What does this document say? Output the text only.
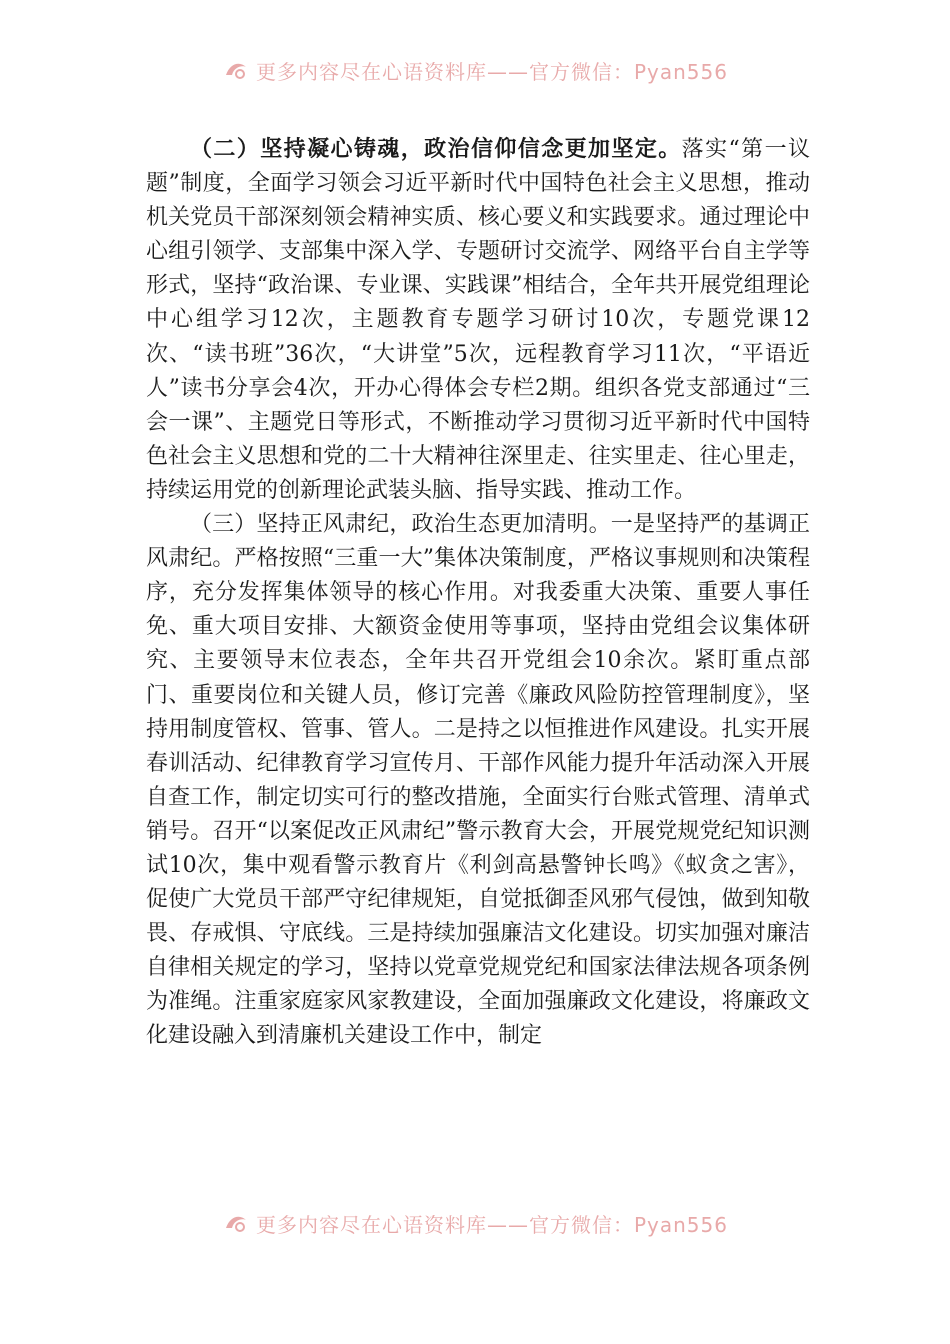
更多内容尽在心语资料库——官方微信：Pyan556

（二）坚持凝心铸魂，政治信仰信念更加坚定。落实“第一议题”制度，全面学习领会习近平新时代中国特色社会主义思想，推动机关党员干部深刻领会精神实质、核心要义和实践要求。通过理论中心组引领学、支部集中深入学、专题研讨交流学、网络平台自主学等形式，坚持“政治课、专业课、实践课”相结合，全年共开展党组理论中心组学习12次，主题教育专题学习研讨10次，专题党课12次、“读书班”36次，“大讲堂”5次，远程教育学习11次，“平语近人”读书分享会4次，开办心得体会专栏2期。组织各党支部通过“三会一课”、主题党日等形式，不断推动学习贯彻习近平新时代中国特色社会主义思想和党的二十大精神往深里走、往实里走、往心里走，持续运用党的创新理论武装头脑、指导实践、推动工作。

（三）坚持正风肃纪，政治生态更加清明。一是坚持严的基调正风肃纪。严格按照“三重一大”集体决策制度，严格议事规则和决策程序，充分发挥集体领导的核心作用。对我委重大决策、重要人事任免、重大项目安排、大额资金使用等事项，坚持由党组会议集体研究、主要领导末位表态，全年共召开党组会10余次。紧盯重点部门、重要岗位和关键人员，修订完善《廉政风险防控管理制度》，坚持用制度管权、管事、管人。二是持之以恒推进作风建设。扎实开展春训活动、纪律教育学习宣传月、干部作风能力提升年活动深入开展自查工作，制定切实可行的整改措施，全面实行台账式管理、清单式销号。召开“以案促改正风肃纪”警示教育大会，开展党规党纪知识测试10次，集中观看警示教育片《利剑高悬警钟长鸣》《蚁贪之害》，促使广大党员干部严守纪律规矩，自觉抵御歪风邪气侵蚀，做到知敬畏、存戒惧、守底线。三是持续加强廉洁文化建设。切实加强对廉洁自律相关规定的学习，坚持以党章党规党纪和国家法律法规各项条例为准绳。注重家庭家风家教建设，全面加强廉政文化建设，将廉政文化建设融入到清廉机关建设工作中，制定

更多内容尽在心语资料库——官方微信：Pyan556
